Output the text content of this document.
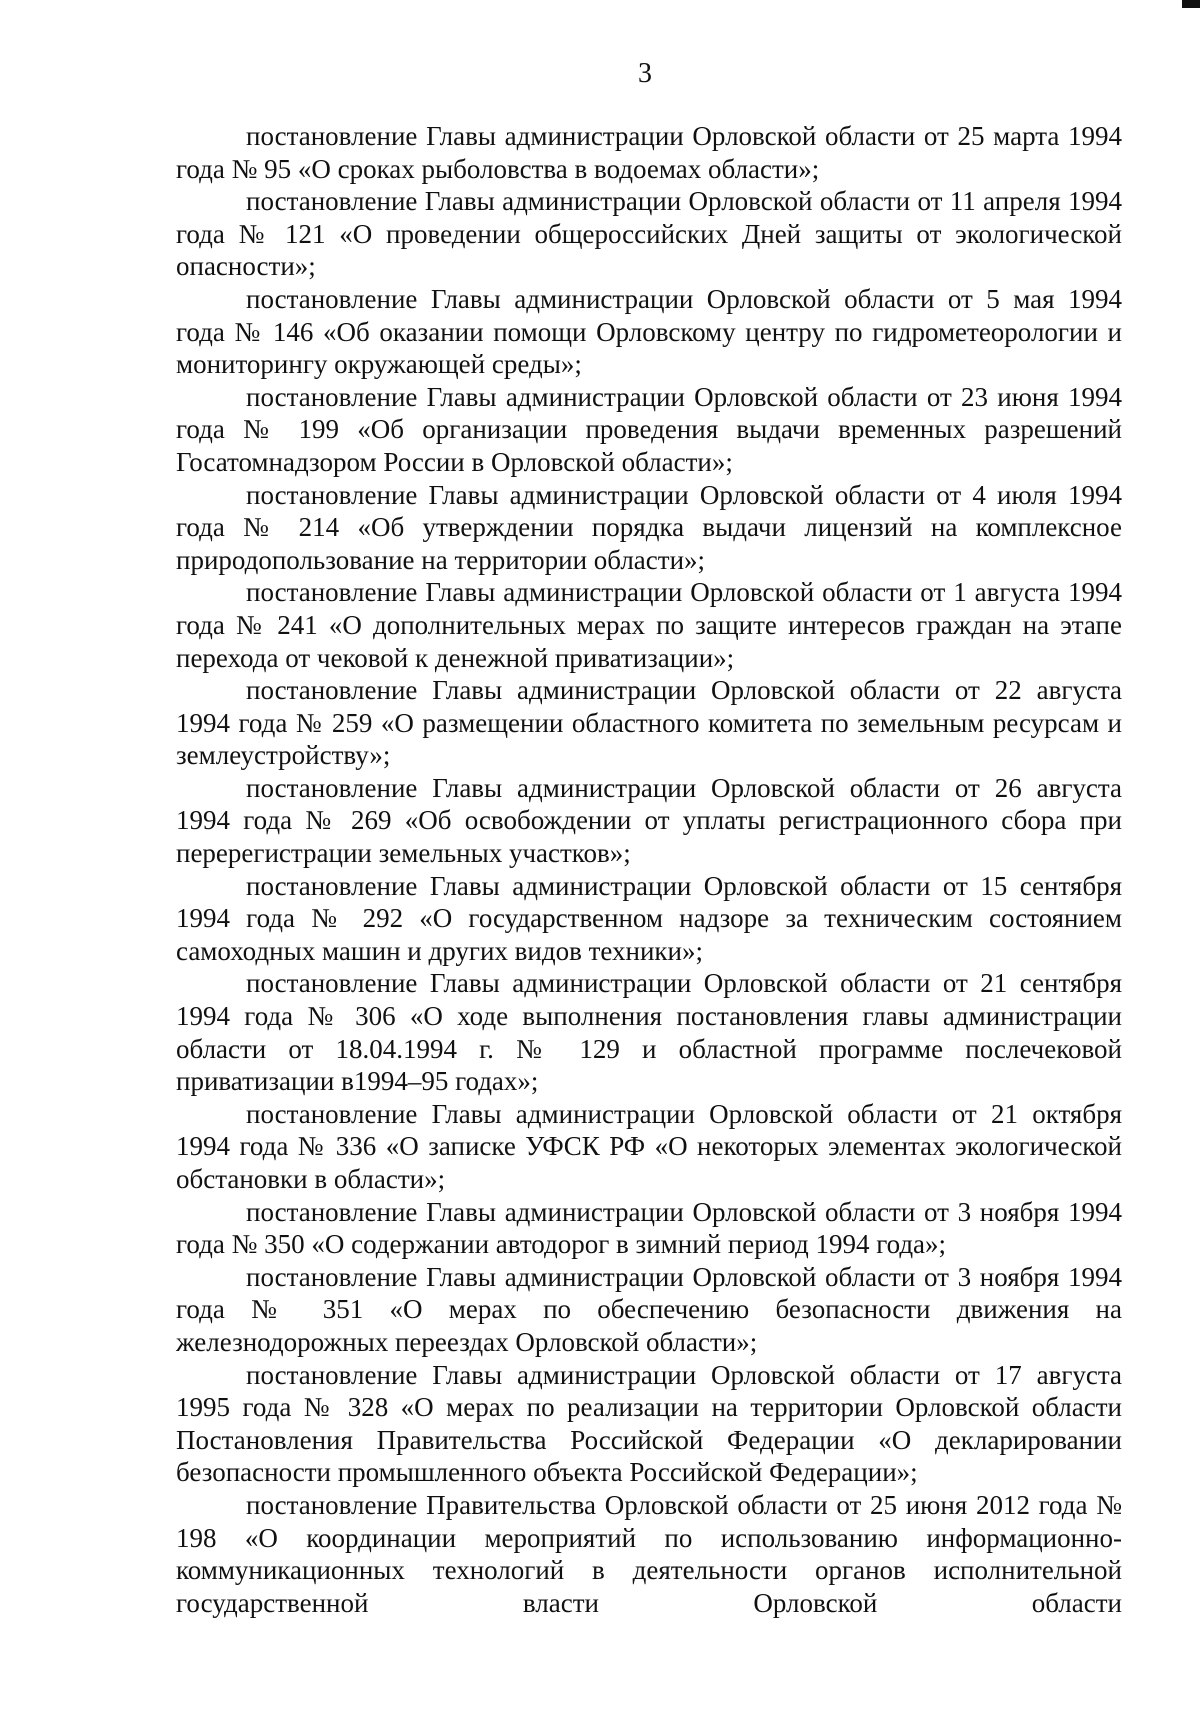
3

постановление Главы администрации Орловской области от 25 марта 1994 года № 95 «О сроках рыболовства в водоемах области»;

постановление Главы администрации Орловской области от 11 апреля 1994 года № 121 «О проведении общероссийских Дней защиты от экологической опасности»;

постановление Главы администрации Орловской области от 5 мая 1994 года № 146 «Об оказании помощи Орловскому центру по гидрометеорологии и мониторингу окружающей среды»;

постановление Главы администрации Орловской области от 23 июня 1994 года № 199 «Об организации проведения выдачи временных разрешений Госатомнадзором России в Орловской области»;

постановление Главы администрации Орловской области от 4 июля 1994 года № 214 «Об утверждении порядка выдачи лицензий на комплексное природопользование на территории области»;

постановление Главы администрации Орловской области от 1 августа 1994 года № 241 «О дополнительных мерах по защите интересов граждан на этапе перехода от чековой к денежной приватизации»;

постановление Главы администрации Орловской области от 22 августа 1994 года № 259 «О размещении областного комитета по земельным ресурсам и землеустройству»;

постановление Главы администрации Орловской области от 26 августа 1994 года № 269 «Об освобождении от уплаты регистрационного сбора при перерегистрации земельных участков»;

постановление Главы администрации Орловской области от 15 сентября 1994 года № 292 «О государственном надзоре за техническим состоянием самоходных машин и других видов техники»;

постановление Главы администрации Орловской области от 21 сентября 1994 года № 306 «О ходе выполнения постановления главы администрации области от 18.04.1994 г. № 129 и областной программе послечековой приватизации в1994–95 годах»;

постановление Главы администрации Орловской области от 21 октября 1994 года № 336 «О записке УФСК РФ «О некоторых элементах экологической обстановки в области»;

постановление Главы администрации Орловской области от 3 ноября 1994 года № 350 «О содержании автодорог в зимний период 1994 года»;

постановление Главы администрации Орловской области от 3 ноября 1994 года № 351 «О мерах по обеспечению безопасности движения на железнодорожных переездах Орловской области»;

постановление Главы администрации Орловской области от 17 августа 1995 года № 328 «О мерах по реализации на территории Орловской области Постановления Правительства Российской Федерации «О декларировании безопасности промышленного объекта Российской Федерации»;

постановление Правительства Орловской области от 25 июня 2012 года № 198 «О координации мероприятий по использованию информационно-коммуникационных технологий в деятельности органов исполнительной государственной власти Орловской области
